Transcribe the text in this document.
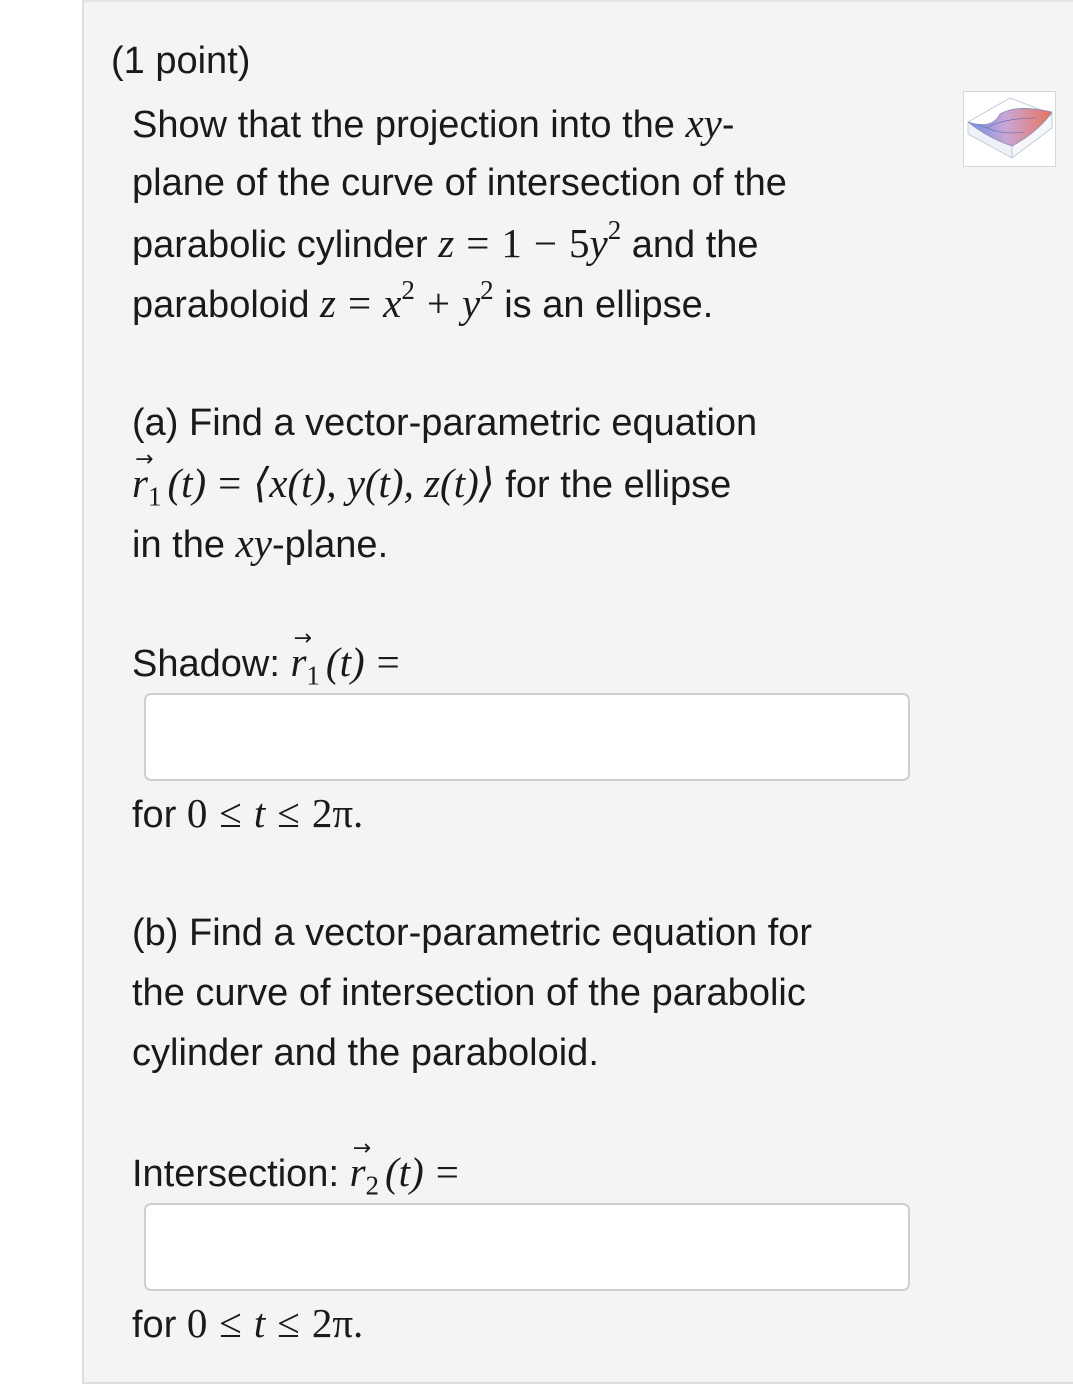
(1 point)
Show that the projection into the xy-
plane of the curve of intersection of the
parabolic cylinder $z = 1 - 5y^2$ and the
paraboloid $z = x^2 + y^2$ is an ellipse.
(a) Find a vector-parametric equation
→ $r_1$ (t) = ⟨x(t), y(t), z(t)⟩ for the ellipse
in the xy-plane.
Shadow: → $r_1$ (t) =
for 0 ≤ t ≤ 2π.
(b) Find a vector-parametric equation for
the curve of intersection of the parabolic
cylinder and the paraboloid.
Intersection: → $r_2$ (t) =
for 0 ≤ t ≤ 2π.
